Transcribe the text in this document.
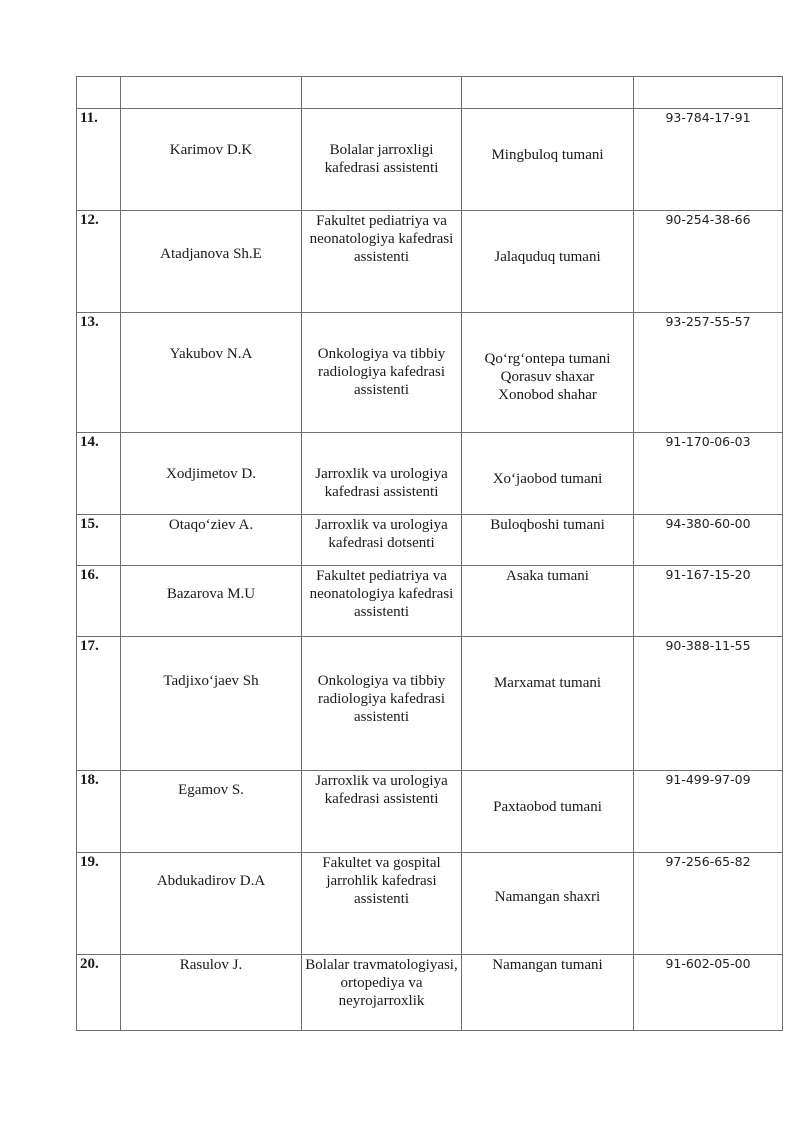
11.	Karimov D.K	Bolalar jarroxligi kafedrasi assistenti	Mingbuloq tumani	93-784-17-91
12.	Atadjanova Sh.E	Fakultet pediatriya va neonatologiya kafedrasi assistenti	Jalaquduq tumani	90-254-38-66
13.	Yakubov N.A	Onkologiya va tibbiy radiologiya kafedrasi assistenti	Qo‘rg‘ontepa tumani
Qorasuv shaxar
Xonobod shahar	93-257-55-57
14.	Xodjimetov D.	Jarroxlik va urologiya kafedrasi assistenti	Xo‘jaobod tumani	91-170-06-03
15.	Otaqo‘ziev A.	Jarroxlik va urologiya kafedrasi dotsenti	Buloqboshi tumani	94-380-60-00
16.	Bazarova M.U	Fakultet pediatriya va neonatologiya kafedrasi assistenti	Asaka tumani	91-167-15-20
17.	Tadjixo‘jaev Sh	Onkologiya va tibbiy radiologiya kafedrasi assistenti	Marxamat tumani	90-388-11-55
18.	Egamov S.	Jarroxlik va urologiya kafedrasi assistenti	Paxtaobod tumani	91-499-97-09
19.	Abdukadirov D.A	Fakultet va gospital jarrohlik kafedrasi assistenti	Namangan shaxri	97-256-65-82
20.	Rasulov J.	Bolalar travmatologiyasi, ortopediya va neyrojarroxlik	Namangan tumani	91-602-05-00
